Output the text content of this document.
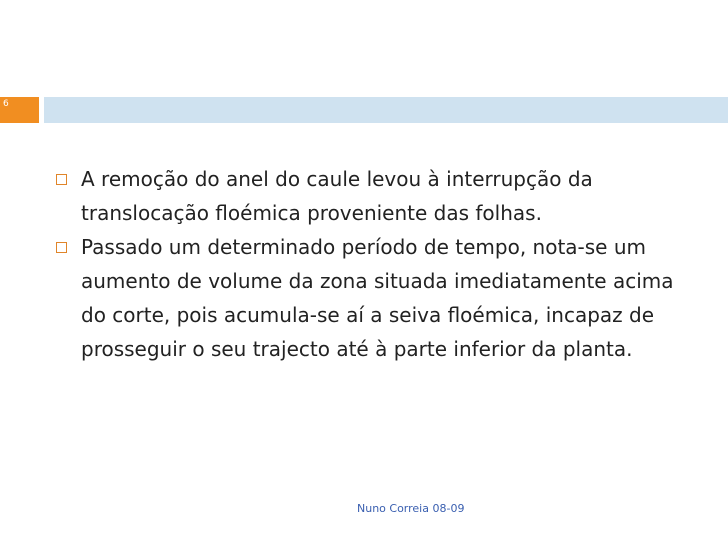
6
A remoção do anel do caule levou à interrupção da translocação floémica proveniente das folhas.
Passado um determinado período de tempo, nota-se um aumento de volume da zona situada imediatamente acima do corte, pois acumula-se aí a seiva floémica, incapaz de prosseguir o seu trajecto até à parte inferior da planta.
Nuno Correia 08-09
